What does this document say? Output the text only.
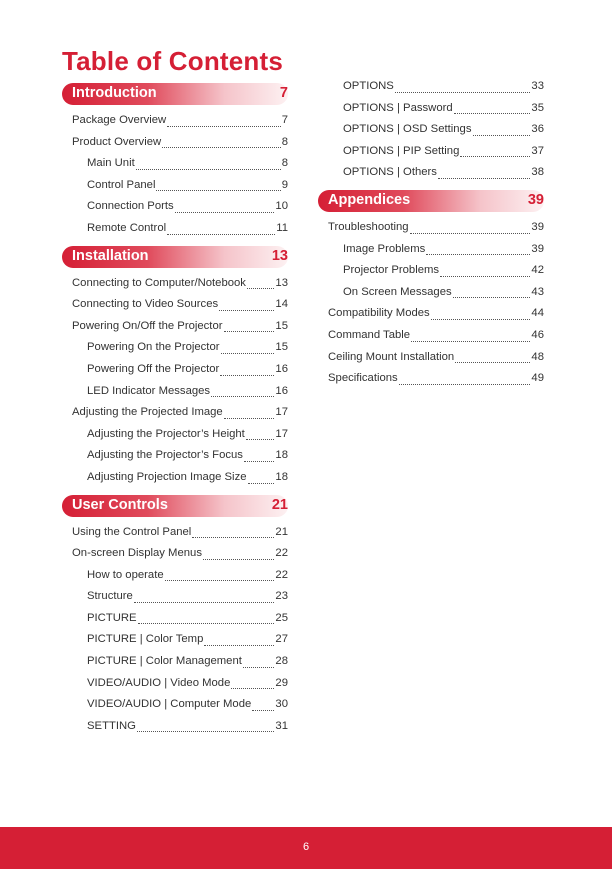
Table of Contents
Introduction	7
Package Overview	7
Product Overview	8
Main Unit	8
Control Panel	9
Connection Ports	10
Remote Control	11
Installation	13
Connecting to Computer/Notebook	13
Connecting to Video Sources	14
Powering On/Off the Projector	15
Powering On the Projector	15
Powering Off the Projector	16
LED Indicator Messages	16
Adjusting the Projected Image	17
Adjusting the Projector’s Height	17
Adjusting the Projector’s Focus	18
Adjusting Projection Image Size	18
User Controls	21
Using the Control Panel	21
On-screen Display Menus	22
How to operate	22
Structure	23
PICTURE	25
PICTURE | Color Temp	27
PICTURE | Color Management	28
VIDEO/AUDIO | Video Mode	29
VIDEO/AUDIO | Computer Mode 30
SETTING	31
OPTIONS	33
OPTIONS | Password	35
OPTIONS | OSD Settings	36
OPTIONS | PIP Setting	37
OPTIONS | Others	38
Appendices	39
Troubleshooting	39
Image Problems	39
Projector Problems	42
On Screen Messages	43
Compatibility Modes	44
Command Table	46
Ceiling Mount Installation	48
Specifications	49
6
